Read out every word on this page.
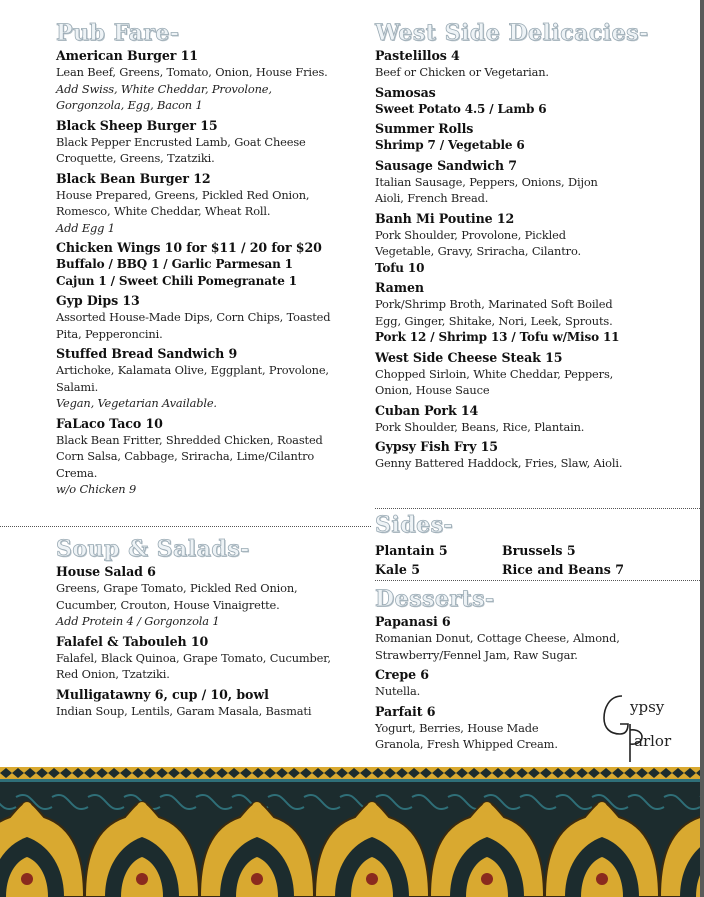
Pub Fare-
American Burger 11
Lean Beef, Greens, Tomato, Onion, House Fries.
Add Swiss, White Cheddar, Provolone,
Gorgonzola, Egg, Bacon 1
Black Sheep Burger 15
Black Pepper Encrusted Lamb, Goat Cheese
Croquette, Greens, Tzatziki.
Black Bean Burger 12
House Prepared, Greens, Pickled Red Onion,
Romesco, White Cheddar, Wheat Roll.
Add Egg 1
Chicken Wings 10 for $11 / 20 for $20
Buffalo / BBQ 1 / Garlic Parmesan 1
Cajun 1 / Sweet Chili Pomegranate 1
Gyp Dips 13
Assorted House-Made Dips, Corn Chips, Toasted
Pita, Pepperoncini.
Stuffed Bread Sandwich 9
Artichoke, Kalamata Olive, Eggplant, Provolone,
Salami.
Vegan, Vegetarian Available.
FaLaco Taco 10
Black Bean Fritter, Shredded Chicken, Roasted
Corn Salsa, Cabbage, Sriracha, Lime/Cilantro
Crema.
w/o Chicken 9
Soup & Salads-
House Salad 6
Greens, Grape Tomato, Pickled Red Onion,
Cucumber, Crouton, House Vinaigrette.
Add Protein 4 / Gorgonzola 1
Falafel & Tabouleh 10
Falafel, Black Quinoa, Grape Tomato, Cucumber,
Red Onion, Tzatziki.
Mulligatawny 6, cup / 10, bowl
Indian Soup, Lentils, Garam Masala, Basmati
West Side Delicacies-
Pastelillos 4
Beef or Chicken or Vegetarian.
Samosas
Sweet Potato 4.5 / Lamb 6
Summer Rolls
Shrimp 7 / Vegetable 6
Sausage Sandwich 7
Italian Sausage, Peppers, Onions, Dijon
Aioli, French Bread.
Banh Mi Poutine 12
Pork Shoulder, Provolone, Pickled
Vegetable, Gravy, Sriracha, Cilantro.
Tofu 10
Ramen
Pork/Shrimp Broth, Marinated Soft Boiled
Egg, Ginger, Shitake, Nori, Leek, Sprouts.
Pork 12 / Shrimp 13 / Tofu w/Miso 11
West Side Cheese Steak 15
Chopped Sirloin, White Cheddar, Peppers,
Onion, House Sauce
Cuban Pork 14
Pork Shoulder, Beans, Rice, Plantain.
Gypsy Fish Fry 15
Genny Battered Haddock, Fries, Slaw, Aioli.
Sides-
Plantain 5	Brussels 5
Kale 5	Rice and Beans 7
Desserts-
Papanasi 6
Romanian Donut, Cottage Cheese, Almond,
Strawberry/Fennel Jam, Raw Sugar.
Crepe 6
Nutella.
Parfait 6
Yogurt, Berries, House Made
Granola, Fresh Whipped Cream.
ypsy
arlor
